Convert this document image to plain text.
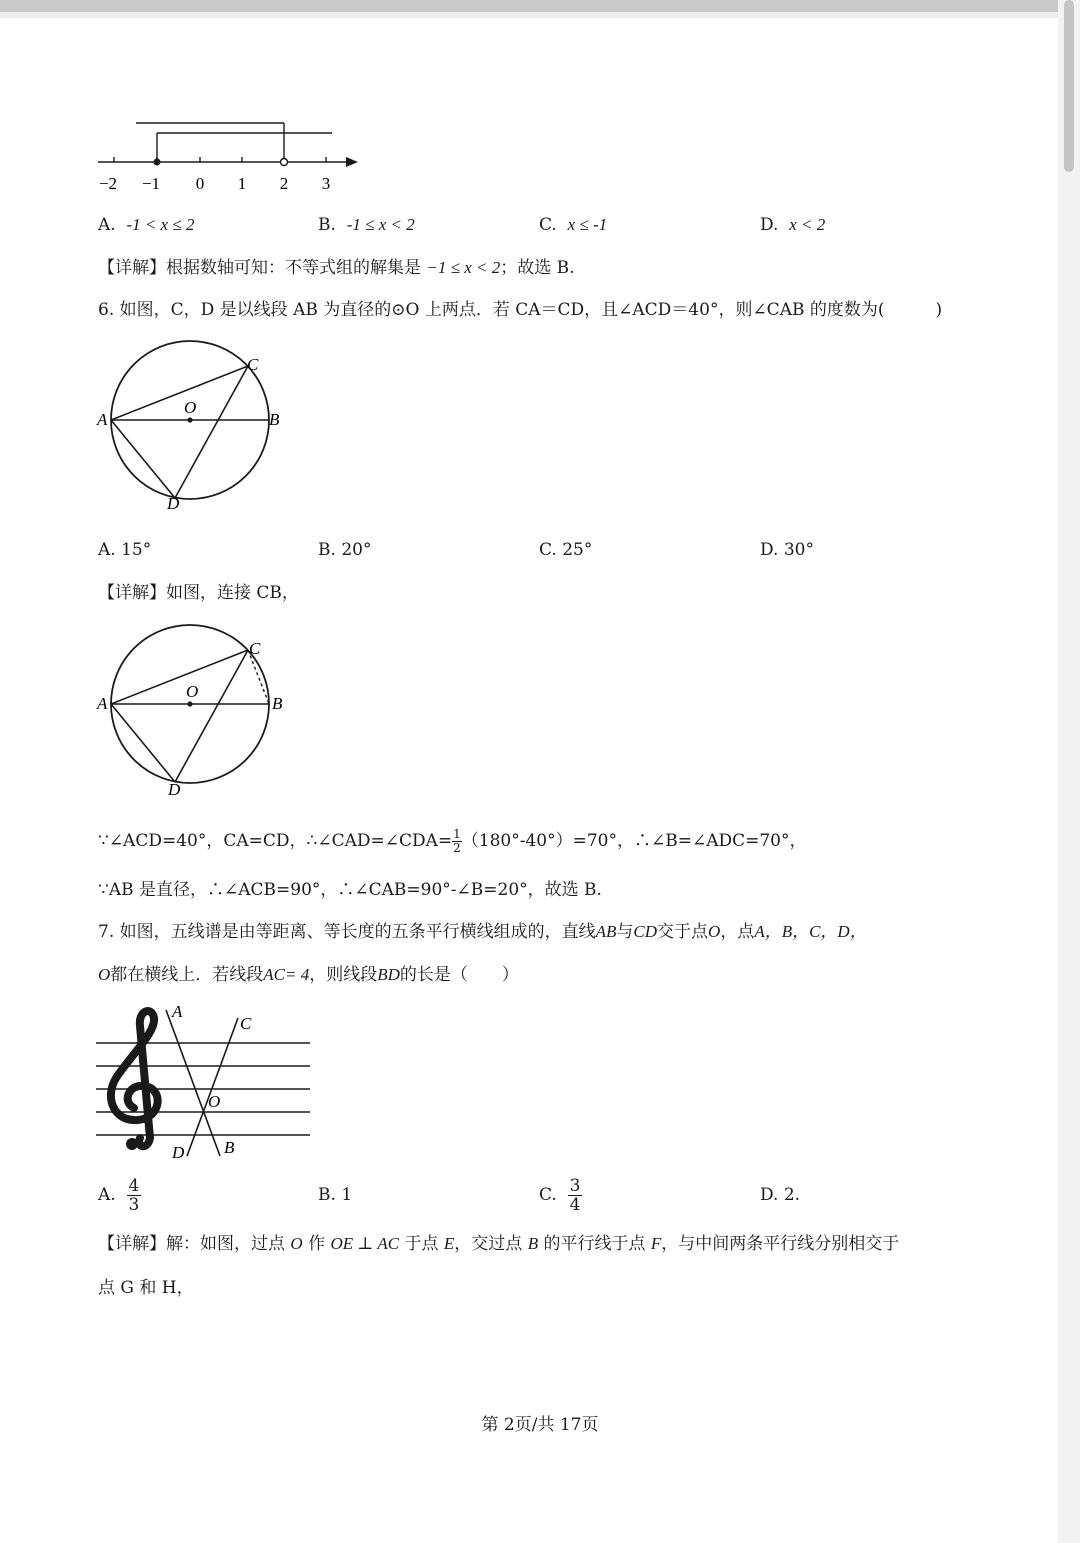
−2 −1 0 1 2 3
A. -1 < x ≤ 2	B. -1 ≤ x < 2	C. x ≤ -1	D. x < 2
【详解】根据数轴可知：不等式组的解集是 −1 ≤ x < 2；故选 B.
6. 如图，C，D 是以线段 AB 为直径的⊙O 上两点．若 CA＝CD，且∠ACD＝40°，则∠CAB 的度数为(　　　)
A	B
C
D
O
A. 15°	B. 20°	C. 25°	D. 30°
【详解】如图，连接 CB，
A	B
C
D
O
∵∠ACD=40°，CA=CD，∴∠CAD=∠CDA= $\frac{1}{2} (180^\circ-40^\circ)=70^\circ$，∴∠B=∠ADC=70°，
∵AB 是直径，∴∠ACB=90°，∴∠CAB=90°-∠B=20°，故选 B.
7. 如图，五线谱是由等距离、等长度的五条平行横线组成的，直线AB与CD交于点O，点A，B，C，D，
O都在横线上．若线段AC= 4，则线段BD的长是（　　）
A
C
O
D B
A. $\frac{4}{3}$	B. 1	C. $\frac{3}{4}$	D. 2.
【详解】解：如图，过点 O 作 OE ⊥ AC 于点 E，交过点 B 的平行线于点 F，与中间两条平行线分别相交于
点 G 和 H，
第 2页/共 17页
